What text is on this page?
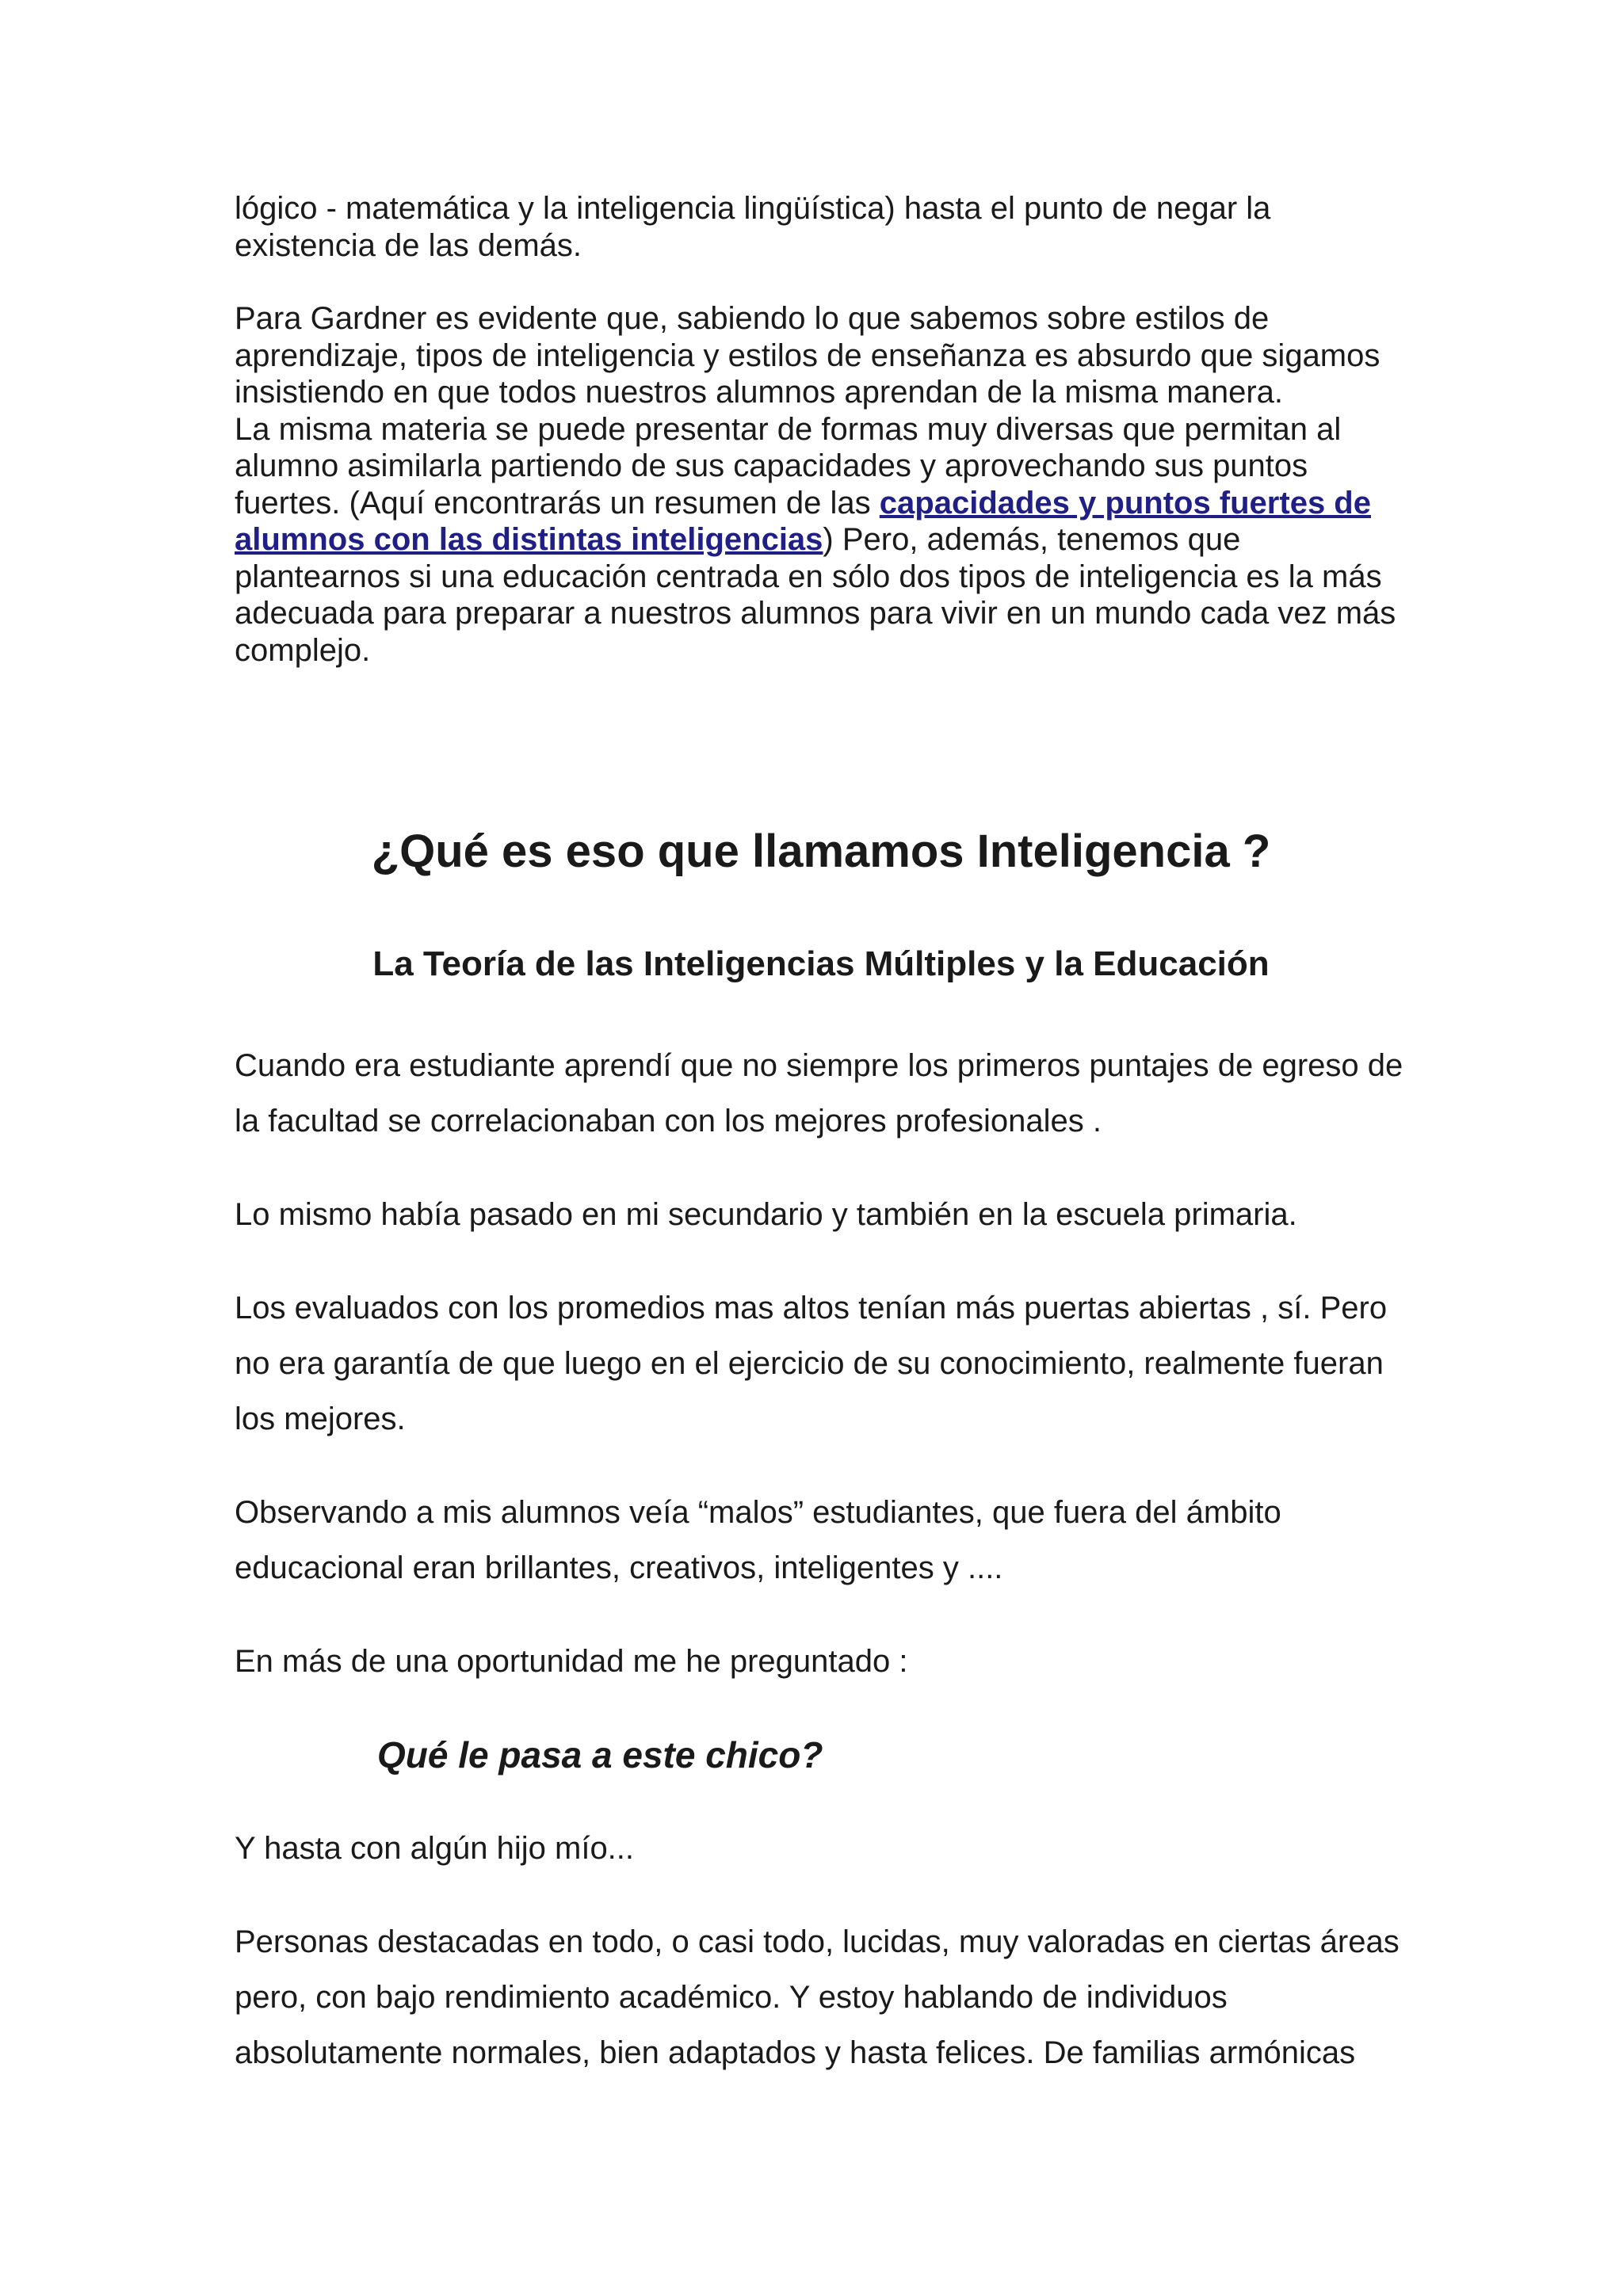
lógico - matemática y la inteligencia lingüística) hasta el punto de negar la existencia de las demás.

Para Gardner es evidente que, sabiendo lo que sabemos sobre estilos de aprendizaje, tipos de inteligencia y estilos de enseñanza es absurdo que sigamos insistiendo en que todos nuestros alumnos aprendan de la misma manera.

La misma materia se puede presentar de formas muy diversas que permitan al alumno asimilarla partiendo de sus capacidades y aprovechando sus puntos fuertes. (Aquí encontrarás un resumen de las capacidades y puntos fuertes de alumnos con las distintas inteligencias) Pero, además, tenemos que plantearnos si una educación centrada en sólo dos tipos de inteligencia es la más adecuada para preparar a nuestros alumnos para vivir en un mundo cada vez más complejo.

¿Qué es eso que llamamos Inteligencia ?
La Teoría de las Inteligencias Múltiples y la Educación

Cuando era estudiante aprendí que no siempre los primeros puntajes de egreso de la facultad se correlacionaban con los mejores profesionales .

Lo mismo había pasado en mi secundario y también en la escuela primaria.

Los evaluados con los promedios mas altos tenían más puertas abiertas , sí. Pero no era garantía de que luego en el ejercicio de su conocimiento, realmente fueran los mejores.

Observando a mis alumnos veía “malos” estudiantes, que fuera del ámbito educacional eran brillantes, creativos, inteligentes y ....

En más de una oportunidad me he preguntado :

Qué le pasa a este chico?

Y hasta con algún hijo mío...

Personas destacadas en todo, o casi todo, lucidas, muy valoradas en ciertas áreas pero, con bajo rendimiento académico. Y estoy hablando de individuos absolutamente normales, bien adaptados y hasta felices. De familias armónicas
